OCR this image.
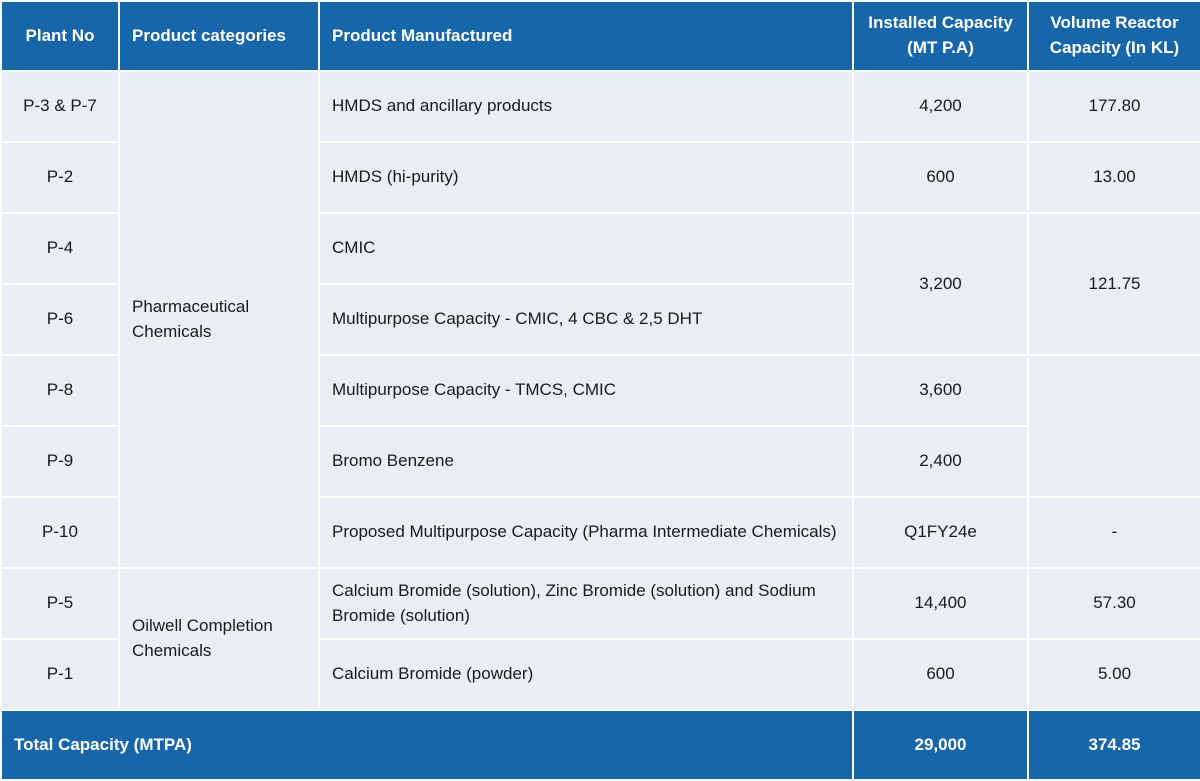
Plant No	Product categories	Product Manufactured	Installed Capacity (MT P.A)	Volume Reactor Capacity (In KL)
P-3 & P-7	Pharmaceutical Chemicals	HMDS and ancillary products	4,200	177.80
P-2		HMDS (hi-purity)	600	13.00
P-4		CMIC	3,200	121.75
P-6		Multipurpose Capacity - CMIC, 4 CBC & 2,5 DHT		
P-8		Multipurpose Capacity - TMCS, CMIC	3,600	
P-9		Bromo Benzene	2,400	
P-10		Proposed Multipurpose Capacity (Pharma Intermediate Chemicals)	Q1FY24e	-
P-5	Oilwell Completion Chemicals	Calcium Bromide (solution), Zinc Bromide (solution) and Sodium Bromide (solution)	14,400	57.30
P-1		Calcium Bromide (powder)	600	5.00
Total Capacity (MTPA)			29,000	374.85
